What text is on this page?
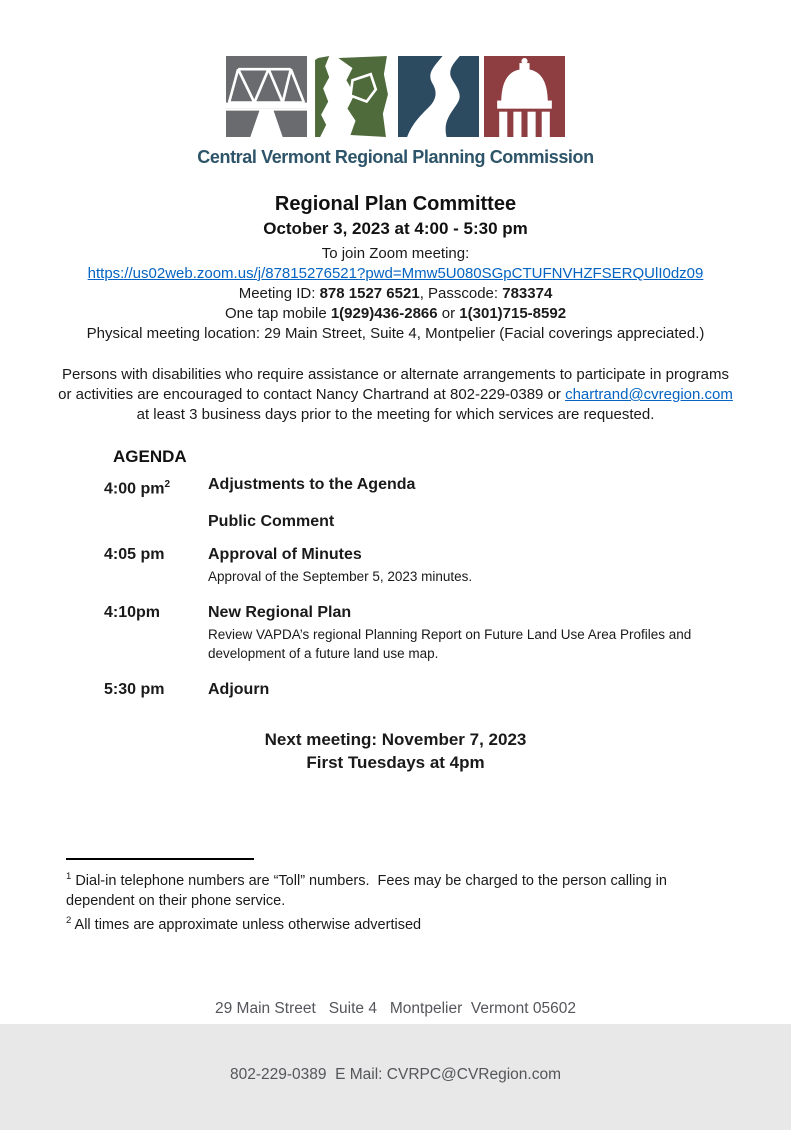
Central Vermont Regional Planning Commission
Regional Plan Committee
October 3, 2023 at 4:00 - 5:30 pm
To join Zoom meeting:
https://us02web.zoom.us/j/87815276521?pwd=Mmw5U080SGpCTUFNVHZFSERQUlI0dz09
Meeting ID: 878 1527 6521, Passcode: 783374
One tap mobile 1(929)436-2866 or 1(301)715-8592
Physical meeting location: 29 Main Street, Suite 4, Montpelier (Facial coverings appreciated.)
Persons with disabilities who require assistance or alternate arrangements to participate in programs or activities are encouraged to contact Nancy Chartrand at 802-229-0389 or chartrand@cvregion.com at least 3 business days prior to the meeting for which services are requested.
AGENDA
4:00 $pm^2$	Adjustments to the Agenda
Public Comment
4:05 pm	Approval of Minutes
Approval of the September 5, 2023 minutes.
4:10pm	New Regional Plan
Review VAPDA’s regional Planning Report on Future Land Use Area Profiles and development of a future land use map.
5:30 pm	Adjourn
Next meeting: November 7, 2023
First Tuesdays at 4pm
$^1$ Dial-in telephone numbers are “Toll” numbers.  Fees may be charged to the person calling in dependent on their phone service.
$^2$ All times are approximate unless otherwise advertised

29 Main Street   Suite 4   Montpelier  Vermont 05602

802-229-0389  E Mail: CVRPC@CVRegion.com
